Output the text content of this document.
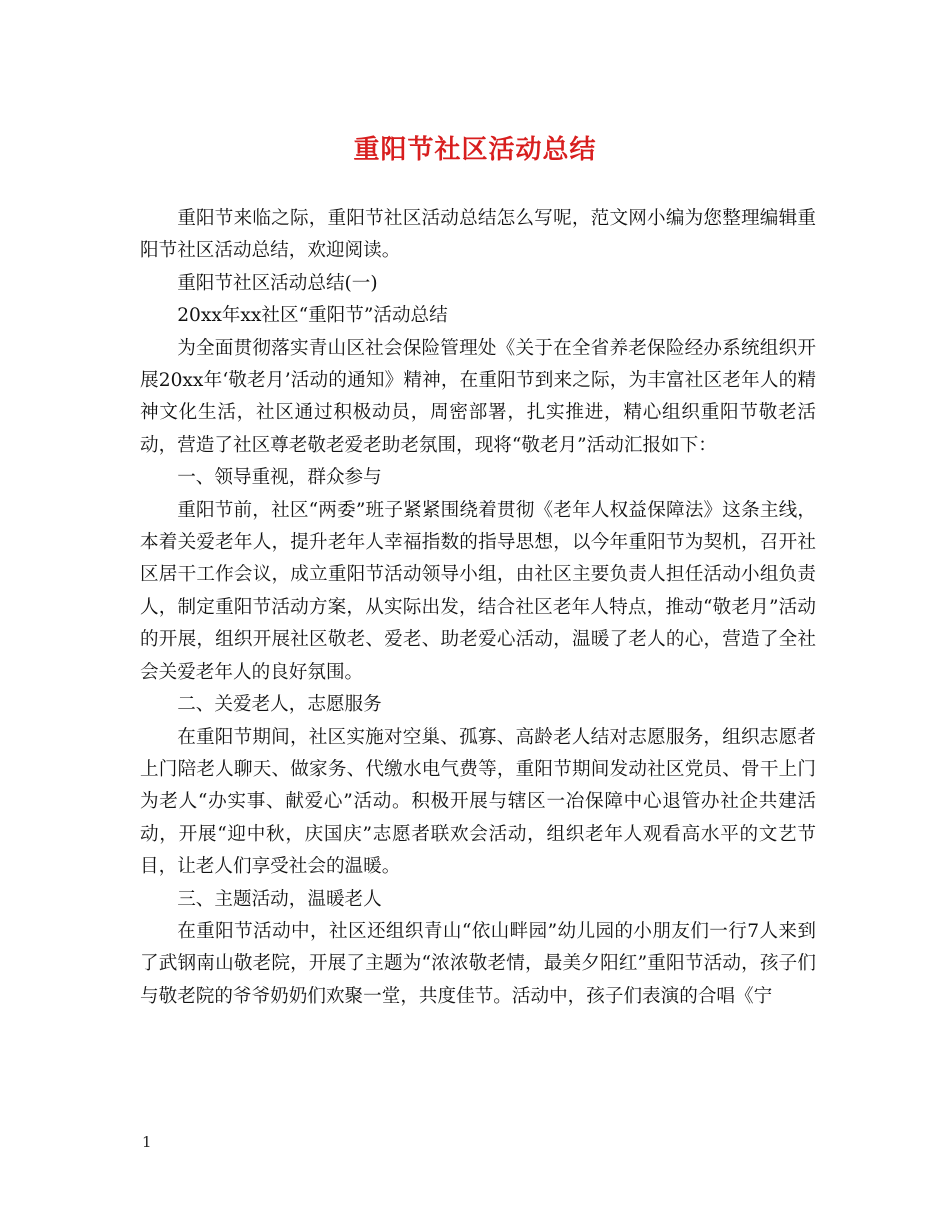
重阳节社区活动总结

重阳节来临之际，重阳节社区活动总结怎么写呢，范文网小编为您整理编辑重阳节社区活动总结，欢迎阅读。

重阳节社区活动总结(一)

20xx年xx社区“重阳节”活动总结

为全面贯彻落实青山区社会保险管理处《关于在全省养老保险经办系统组织开展20xx年‘敬老月’活动的通知》精神，在重阳节到来之际，为丰富社区老年人的精神文化生活，社区通过积极动员，周密部署，扎实推进，精心组织重阳节敬老活动，营造了社区尊老敬老爱老助老氛围，现将“敬老月”活动汇报如下：

一、领导重视，群众参与

重阳节前，社区“两委”班子紧紧围绕着贯彻《老年人权益保障法》这条主线，本着关爱老年人，提升老年人幸福指数的指导思想，以今年重阳节为契机，召开社区居干工作会议，成立重阳节活动领导小组，由社区主要负责人担任活动小组负责人，制定重阳节活动方案，从实际出发，结合社区老年人特点，推动“敬老月”活动的开展，组织开展社区敬老、爱老、助老爱心活动，温暖了老人的心，营造了全社会关爱老年人的良好氛围。

二、关爱老人，志愿服务

在重阳节期间，社区实施对空巢、孤寡、高龄老人结对志愿服务，组织志愿者上门陪老人聊天、做家务、代缴水电气费等，重阳节期间发动社区党员、骨干上门为老人“办实事、献爱心”活动。积极开展与辖区一冶保障中心退管办社企共建活动，开展“迎中秋，庆国庆”志愿者联欢会活动，组织老年人观看高水平的文艺节目，让老人们享受社会的温暖。

三、主题活动，温暖老人

在重阳节活动中，社区还组织青山“依山畔园”幼儿园的小朋友们一行7人来到了武钢南山敬老院，开展了主题为“浓浓敬老情，最美夕阳红”重阳节活动，孩子们与敬老院的爷爷奶奶们欢聚一堂，共度佳节。活动中，孩子们表演的合唱《宁

1
